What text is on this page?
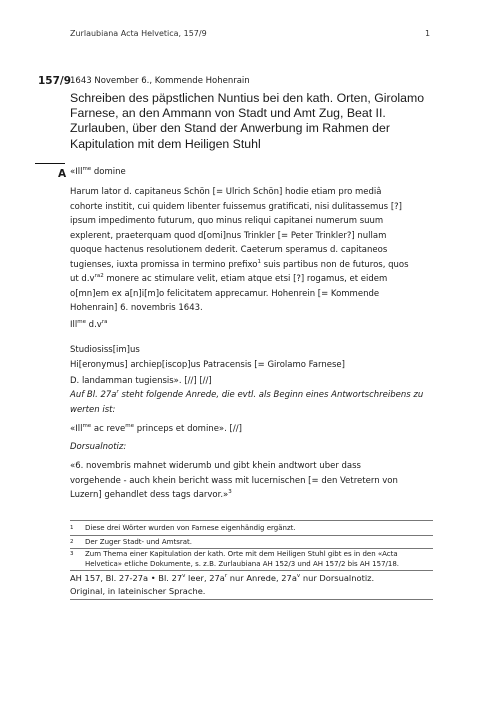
Zurlaubiana Acta Helvetica, 157/9	1
157/9
1643 November 6., Kommende Hohenrain
Schreiben des päpstlichen Nuntius bei den kath. Orten, Girolamo Farnese, an den Ammann von Stadt und Amt Zug, Beat II. Zurlauben, über den Stand der Anwerbung im Rahmen der Kapitulation mit dem Heiligen Stuhl
A «Ill$^{me}$ domine

Harum lator d. capitaneus Schön [= Ulrich Schön] hodie etiam pro mediâ
cohorte institit, cui quidem libenter fuissemus gratificati, nisi dulitassemus [?]
ipsum impedimento futurum, quo minus reliqui capitanei numerum suum
explerent, praeterquam quod d[omi]nus Trinkler [= Peter Trinkler?] nullam
quoque hactenus resolutionem dederit. Caeterum speramus d. capitaneos
tugienses, iuxta promissa in termino prefixo$^1$ suis partibus non de futuros, quos
ut $d.v^{ra2}$ monere ac stimulare velit, etiam atque etsi [?] rogamus, et eidem
o[mn]em ex a[n]i[m]o felicitatem apprecamur. Hohenrein [= Kommende
Hohenrain] 6. novembris 1643.

Ill$^{me}$ $d.v^{ra}$

Studiosiss[im]us
Hi[eronymus] archiep[iscop]us Patracensis [= Girolamo Farnese]

D. landamman tugiensis». [//] [//]

Auf Bl. $27a^r$ steht folgende Anrede, die evtl. als Beginn eines Antwortschreibens zu werten ist:

«Ill$^{me}$ ac reve$^{me}$ princeps et domine». [//]

Dorsualnotiz:

«6. novembris mahnet widerumb und gibt khein andtwort uber dass
vorgehende - auch khein bericht wass mit lucernischen [= den Vetretern von
Luzern] gehandlet dess tags darvor.»$^3$
1 Diese drei Wörter wurden von Farnese eigenhändig ergänzt.
2 Der Zuger Stadt- und Amtsrat.
3 Zum Thema einer Kapitulation der kath. Orte mit dem Heiligen Stuhl gibt es in den «Acta Helvetica» etliche Dokumente, s. z.B. Zurlaubiana AH 152/3 und AH 157/2 bis AH 157/18.
AH 157, Bl. 27-27a • Bl. 27$^v$ leer, $27a^r$ nur Anrede, $27a^v$ nur Dorsualnotiz.
Original, in lateinischer Sprache.
